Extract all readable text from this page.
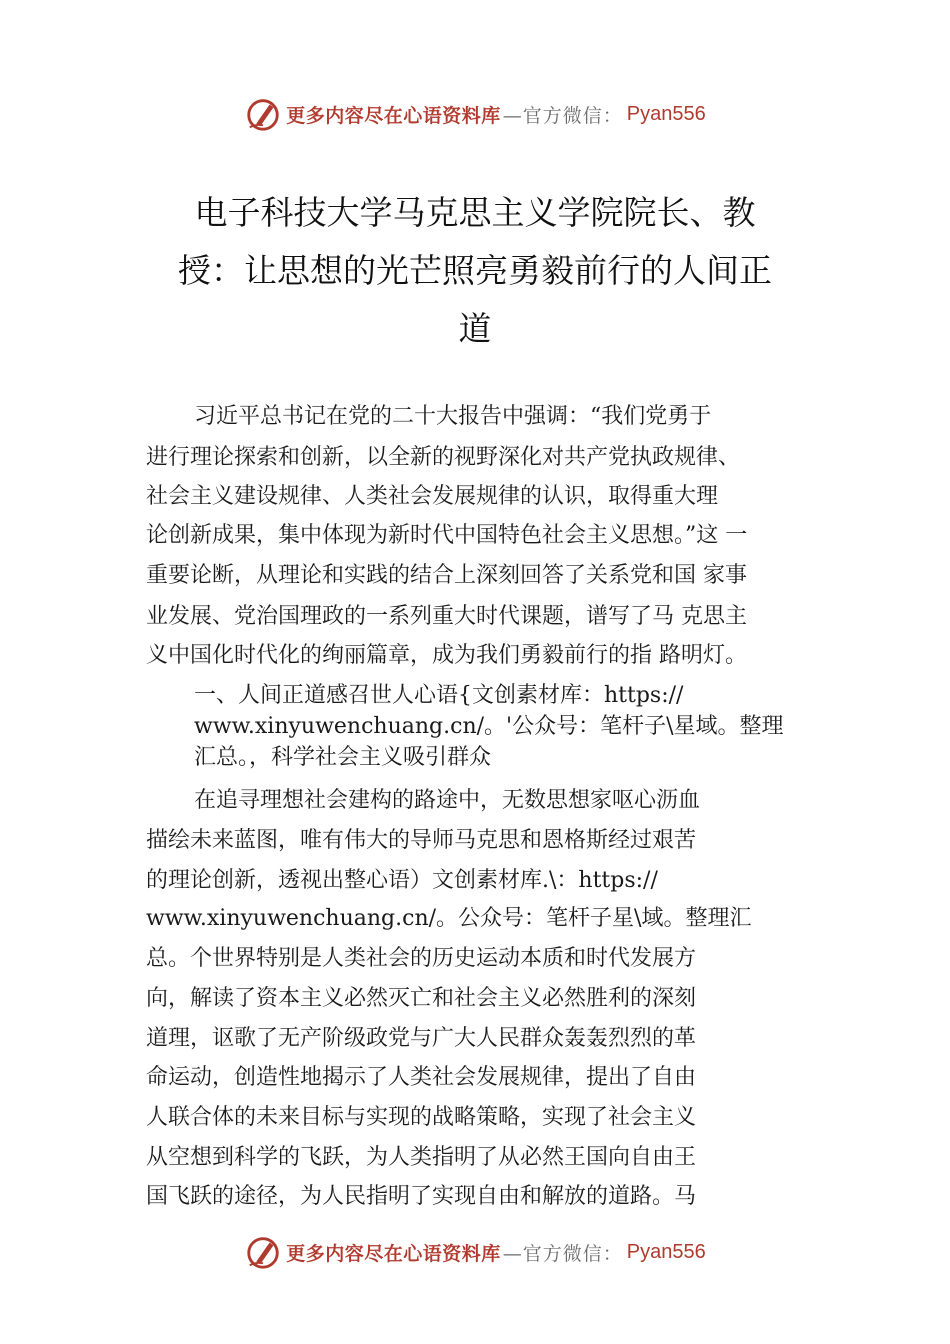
更多内容尽在心语资料库 —官方微信： Pyan556
电子科技大学马克思主义学院院长、教
授：让思想的光芒照亮勇毅前行的人间正
道
习近平总书记在党的二十大报告中强调：“我们党勇于
进行理论探索和创新，以全新的视野深化对共产党执政规律、
社会主义建设规律、人类社会发展规律的认识，取得重大理
论创新成果，集中体现为新时代中国特色社会主义思想。”这 一
重要论断，从理论和实践的结合上深刻回答了关系党和国 家事
业发展、党治国理政的一系列重大时代课题，谱写了马 克思主
义中国化时代化的绚丽篇章，成为我们勇毅前行的指 路明灯。
一、人间正道感召世人心语{文创素材库：https://
www.xinyuwenchuang.cn/。'公众号：笔杆子\星域。整理
汇总。，科学社会主义吸引群众
在追寻理想社会建构的路途中，无数思想家呕心沥血
描绘未来蓝图，唯有伟大的导师马克思和恩格斯经过艰苦
的理论创新，透视出整心语）文创素材库.\：https://
www.xinyuwenchuang.cn/。公众号：笔杆子星\域。整理汇
总。个世界特别是人类社会的历史运动本质和时代发展方
向，解读了资本主义必然灭亡和社会主义必然胜利的深刻
道理，讴歌了无产阶级政党与广大人民群众轰轰烈烈的革
命运动，创造性地揭示了人类社会发展规律，提出了自由
人联合体的未来目标与实现的战略策略，实现了社会主义
从空想到科学的飞跃，为人类指明了从必然王国向自由王
国飞跃的途径，为人民指明了实现自由和解放的道路。马
更多内容尽在心语资料库 —官方微信： Pyan556
